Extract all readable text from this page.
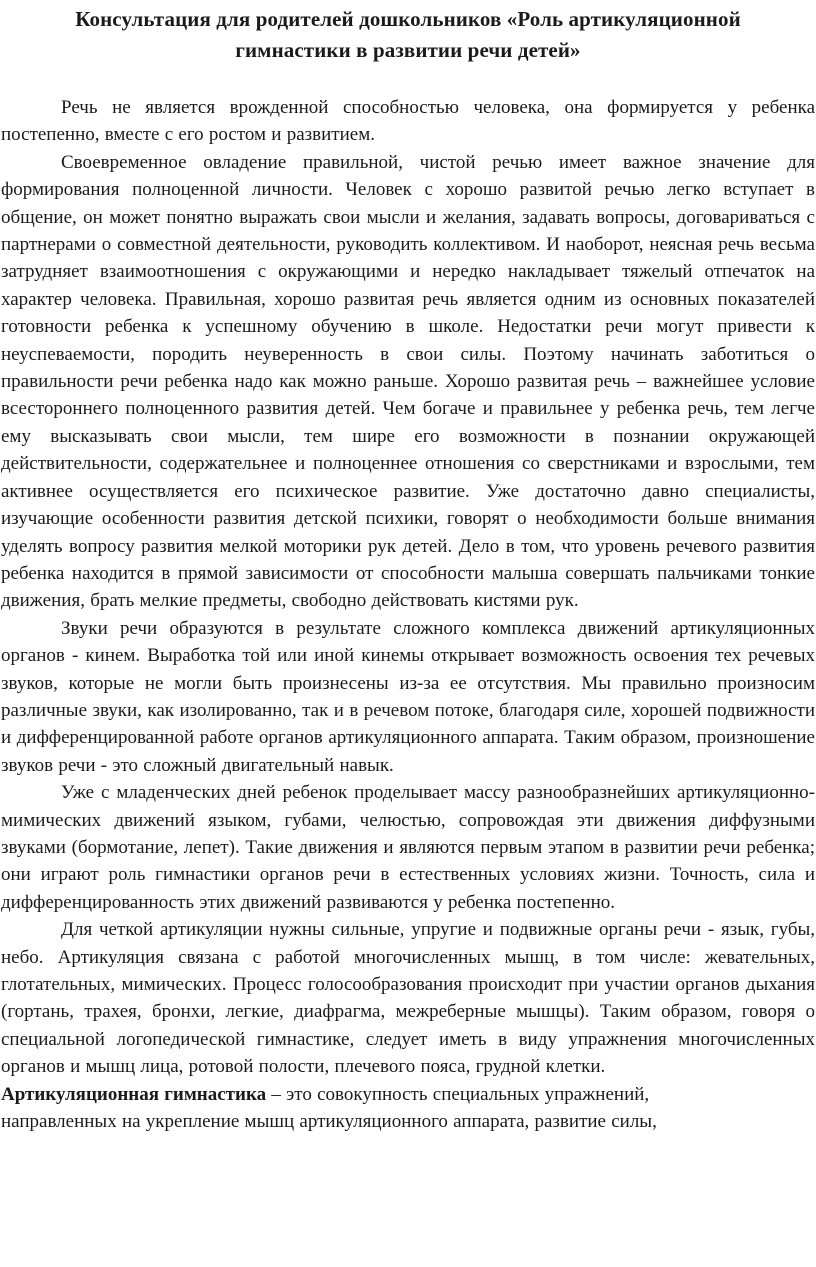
Консультация для родителей дошкольников «Роль артикуляционной
гимнастики в развитии речи детей»

Речь не является врожденной способностью человека, она формируется у ребенка постепенно, вместе с его ростом и развитием.

Своевременное овладение правильной, чистой речью имеет важное значение для формирования полноценной личности. Человек с хорошо развитой речью легко вступает в общение, он может понятно выражать свои мысли и желания, задавать вопросы, договариваться с партнерами о совместной деятельности, руководить коллективом. И наоборот, неясная речь весьма затрудняет взаимоотношения с окружающими и нередко накладывает тяжелый отпечаток на характер человека. Правильная, хорошо развитая речь является одним из основных показателей готовности ребенка к успешному обучению в школе. Недостатки речи могут привести к неуспеваемости, породить неуверенность в свои силы. Поэтому начинать заботиться о правильности речи ребенка надо как можно раньше. Хорошо развитая речь – важнейшее условие всестороннего полноценного развития детей. Чем богаче и правильнее у ребенка речь, тем легче ему высказывать свои мысли, тем шире его возможности в познании окружающей действительности, содержательнее и полноценнее отношения со сверстниками и взрослыми, тем активнее осуществляется его психическое развитие. Уже достаточно давно специалисты, изучающие особенности развития детской психики, говорят о необходимости больше внимания уделять вопросу развития мелкой моторики рук детей. Дело в том, что уровень речевого развития ребенка находится в прямой зависимости от способности малыша совершать пальчиками тонкие движения, брать мелкие предметы, свободно действовать кистями рук.

Звуки речи образуются в результате сложного комплекса движений артикуляционных органов - кинем. Выработка той или иной кинемы открывает возможность освоения тех речевых звуков, которые не могли быть произнесены из-за ее отсутствия. Мы правильно произносим различные звуки, как изолированно, так и в речевом потоке, благодаря силе, хорошей подвижности и дифференцированной работе органов артикуляционного аппарата. Таким образом, произношение звуков речи - это сложный двигательный навык.

Уже с младенческих дней ребенок проделывает массу разнообразнейших артикуляционно-мимических движений языком, губами, челюстью, сопровождая эти движения диффузными звуками (бормотание, лепет). Такие движения и являются первым этапом в развитии речи ребенка; они играют роль гимнастики органов речи в естественных условиях жизни. Точность, сила и дифференцированность этих движений развиваются у ребенка постепенно.

Для четкой артикуляции нужны сильные, упругие и подвижные органы речи - язык, губы, небо. Артикуляция связана с работой многочисленных мышц, в том числе: жевательных, глотательных, мимических. Процесс голосообразования происходит при участии органов дыхания (гортань, трахея, бронхи, легкие, диафрагма, межреберные мышцы). Таким образом, говоря о специальной логопедической гимнастике, следует иметь в виду упражнения многочисленных органов и мышц лица, ротовой полости, плечевого пояса, грудной клетки.

Артикуляционная гимнастика – это совокупность специальных упражнений,
направленных на укрепление мышц артикуляционного аппарата, развитие силы,
